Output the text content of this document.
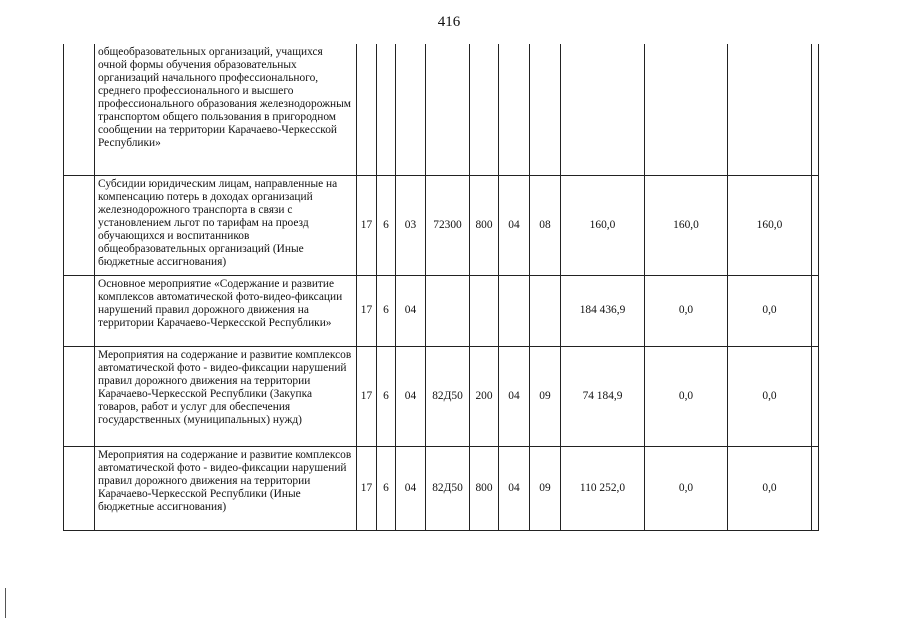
416
	общеобразовательных организаций, учащихся очной формы обучения образовательных организаций начального профессионального, среднего профессионального и высшего профессионального образования железнодорожным транспортом общего пользования в пригородном сообщении на территории Карачаево-Черкесской Республики»											
	Субсидии юридическим лицам, направленные на компенсацию потерь в доходах организаций железнодорожного транспорта в связи с установлением льгот по тарифам на проезд обучающихся и воспитанников общеобразовательных организаций (Иные бюджетные ассигнования)	17	6	03	72300	800	04	08	160,0	160,0	160,0	
	Основное мероприятие «Содержание и развитие комплексов автоматической фото-видео-фиксации нарушений правил дорожного движения на территории Карачаево-Черкесской Республики»	17	6	04					184 436,9	0,0	0,0	
	Мероприятия на содержание и развитие комплексов автоматической фото - видео-фиксации нарушений правил дорожного движения на территории Карачаево-Черкесской Республики (Закупка товаров, работ и услуг для обеспечения государственных (муниципальных) нужд)	17	6	04	82Д50	200	04	09	74 184,9	0,0	0,0	
	Мероприятия на содержание и развитие комплексов автоматической фото - видео-фиксации нарушений правил дорожного движения на территории Карачаево-Черкесской Республики (Иные бюджетные ассигнования)	17	6	04	82Д50	800	04	09	110 252,0	0,0	0,0	
